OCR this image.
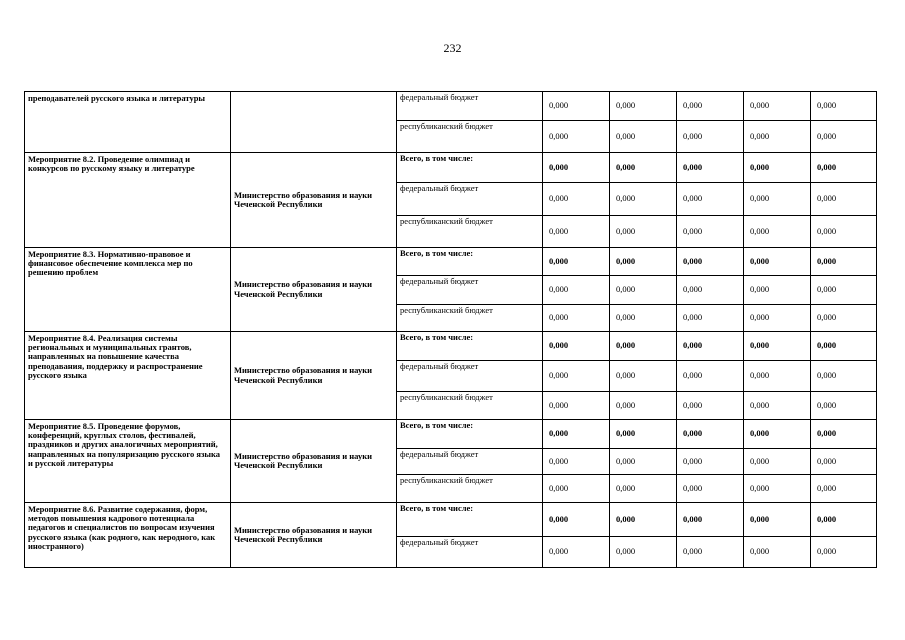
232
преподавателей русского языка и литературы		федеральный бюджет	0,000	0,000	0,000	0,000	0,000
		республиканский бюджет	0,000	0,000	0,000	0,000	0,000
Мероприятие 8.2. Проведение олимпиад и конкурсов по русскому языку и литературе	Министерство образования и науки Чеченской Республики	Всего, в том числе:	0,000	0,000	0,000	0,000	0,000
		федеральный бюджет	0,000	0,000	0,000	0,000	0,000
		республиканский бюджет	0,000	0,000	0,000	0,000	0,000
Мероприятие 8.3. Нормативно-правовое и финансовое обеспечение комплекса мер по решению проблем	Министерство образования и науки Чеченской Республики	Всего, в том числе:	0,000	0,000	0,000	0,000	0,000
		федеральный бюджет	0,000	0,000	0,000	0,000	0,000
		республиканский бюджет	0,000	0,000	0,000	0,000	0,000
Мероприятие 8.4. Реализация системы региональных и муниципальных грантов, направленных на повышение качества преподавания, поддержку и распространение русского языка	Министерство образования и науки Чеченской Республики	Всего, в том числе:	0,000	0,000	0,000	0,000	0,000
		федеральный бюджет	0,000	0,000	0,000	0,000	0,000
		республиканский бюджет	0,000	0,000	0,000	0,000	0,000
Мероприятие 8.5. Проведение форумов, конференций, круглых столов, фестивалей, праздников и других аналогичных мероприятий, направленных на популяризацию русского языка и русской литературы	Министерство образования и науки Чеченской Республики	Всего, в том числе:	0,000	0,000	0,000	0,000	0,000
		федеральный бюджет	0,000	0,000	0,000	0,000	0,000
		республиканский бюджет	0,000	0,000	0,000	0,000	0,000
Мероприятие 8.6. Развитие содержания, форм, методов повышения кадрового потенциала педагогов и специалистов по вопросам изучения русского языка (как родного, как неродного, как иностранного)	Министерство образования и науки Чеченской Республики	Всего, в том числе:	0,000	0,000	0,000	0,000	0,000
		федеральный бюджет	0,000	0,000	0,000	0,000	0,000
